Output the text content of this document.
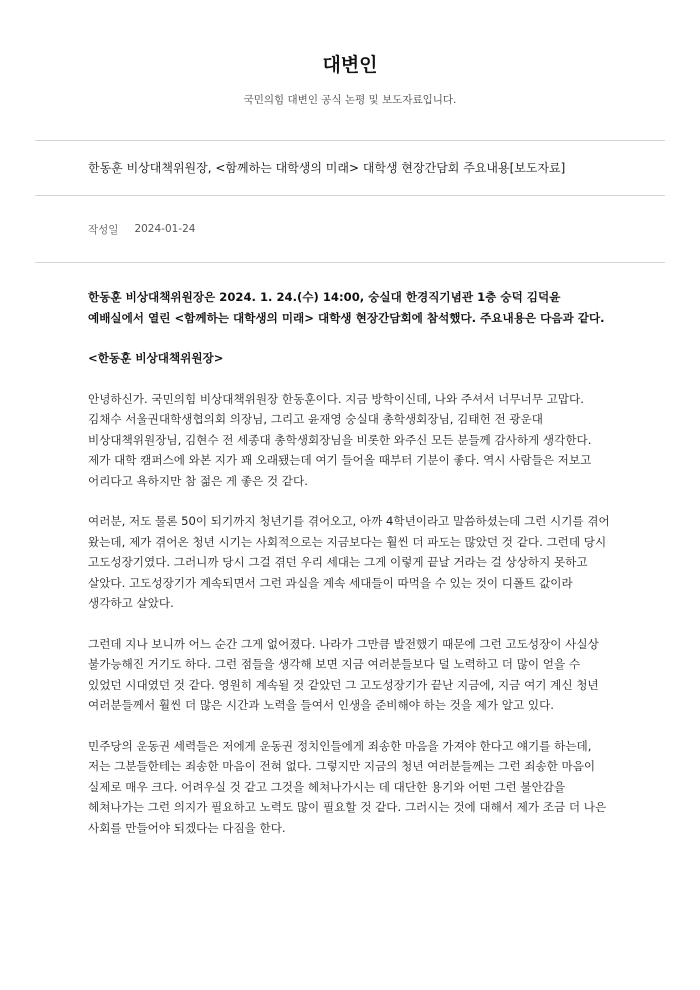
대변인
국민의힘 대변인 공식 논평 및 보도자료입니다.
한동훈 비상대책위원장, <함께하는 대학생의 미래> 대학생 현장간담회 주요내용[보도자료]
작성일 2024-01-24

한동훈 비상대책위원장은 2024. 1. 24.(수) 14:00, 숭실대 한경직기념관 1층 숭덕 김덕윤 예배실에서 열린 <함께하는 대학생의 미래> 대학생 현장간담회에 참석했다. 주요내용은 다음과 같다.

<한동훈 비상대책위원장>

안녕하신가. 국민의힘 비상대책위원장 한동훈이다. 지금 방학이신데, 나와 주셔서 너무너무 고맙다. 김채수 서울권대학생협의회 의장님, 그리고 윤재영 숭실대 총학생회장님, 김태헌 전 광운대 비상대책위원장님, 김현수 전 세종대 총학생회장님을 비롯한 와주신 모든 분들께 감사하게 생각한다. 제가 대학 캠퍼스에 와본 지가 꽤 오래됐는데 여기 들어올 때부터 기분이 좋다. 역시 사람들은 저보고 어리다고 욕하지만 참 젊은 게 좋은 것 같다.

여러분, 저도 물론 50이 되기까지 청년기를 겪어오고, 아까 4학년이라고 말씀하셨는데 그런 시기를 겪어 왔는데, 제가 겪어온 청년 시기는 사회적으로는 지금보다는 훨씬 더 파도는 많았던 것 같다. 그런데 당시 고도성장기였다. 그러니까 당시 그걸 겪던 우리 세대는 그게 이렇게 끝날 거라는 걸 상상하지 못하고 살았다. 고도성장기가 계속되면서 그런 과실을 계속 세대들이 따먹을 수 있는 것이 디폴트 값이라 생각하고 살았다.

그런데 지나 보니까 어느 순간 그게 없어졌다. 나라가 그만큼 발전했기 때문에 그런 고도성장이 사실상 불가능해진 거기도 하다. 그런 점들을 생각해 보면 지금 여러분들보다 덜 노력하고 더 많이 얻을 수 있었던 시대였던 것 같다. 영원히 계속될 것 같았던 그 고도성장기가 끝난 지금에, 지금 여기 계신 청년 여러분들께서 훨씬 더 많은 시간과 노력을 들여서 인생을 준비해야 하는 것을 제가 알고 있다.

민주당의 운동권 세력들은 저에게 운동권 정치인들에게 죄송한 마음을 가져야 한다고 얘기를 하는데, 저는 그분들한테는 죄송한 마음이 전혀 없다. 그렇지만 지금의 청년 여러분들께는 그런 죄송한 마음이 실제로 매우 크다. 어려우실 것 같고 그것을 헤쳐나가시는 데 대단한 용기와 어떤 그런 불안감을 헤쳐나가는 그런 의지가 필요하고 노력도 많이 필요할 것 같다. 그러시는 것에 대해서 제가 조금 더 나은 사회를 만들어야 되겠다는 다짐을 한다.
